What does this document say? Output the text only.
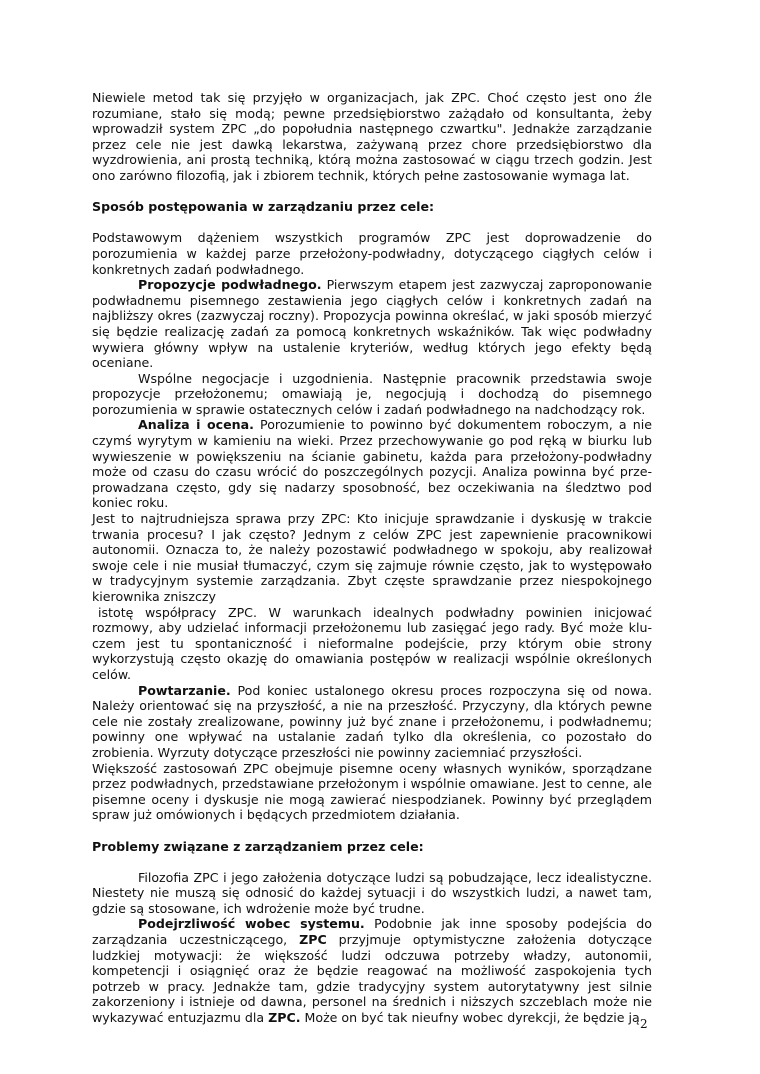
Niewiele metod tak się przyjęło w organizacjach, jak ZPC. Choć często jest ono źle rozumiane, stało się modą; pewne przedsiębiorstwo zażądało od konsultanta, żeby wprowadził system ZPC „do popołudnia następnego czwartku". Jednakże zarządzanie przez cele nie jest dawką lekarstwa, zażywaną przez chore przedsiębiorstwo dla wyzdrowienia, ani prostą techniką, którą można zastosować w ciągu trzech godzin. Jest ono zarówno filozofią, jak i zbiorem technik, których pełne zastosowanie wymaga lat.

Sposób postępowania w zarządzaniu przez cele:

Podstawowym dążeniem wszystkich programów ZPC jest doprowadzenie do porozumienia w każdej parze przełożony-podwładny, dotyczącego ciągłych celów i konkretnych zadań podwładnego.

Propozycje podwładnego. Pierwszym etapem jest zazwyczaj zaproponowanie podwładnemu pisemnego zestawienia jego ciągłych celów i konkretnych zadań na najbliższy okres (zazwyczaj roczny). Propozycja powinna określać, w jaki sposób mierzyć się będzie realizację zadań za pomocą konkretnych wskaźników. Tak więc podwładny wywiera główny wpływ na ustalenie kryteriów, według których jego efekty będą oceniane.

Wspólne negocjacje i uzgodnienia. Następnie pracownik przedstawia swoje propozycje przełożonemu; omawiają je, negocjują i dochodzą do pisemnego porozumienia w sprawie ostatecznych celów i zadań podwładnego na nadchodzący rok.

Analiza i ocena. Porozumienie to powinno być dokumentem roboczym, a nie czymś wyrytym w kamieniu na wieki. Przez przechowywanie go pod ręką w biurku lub wywieszenie w powiększeniu na ścianie gabinetu, każda para przełożony-podwładny może od czasu do czasu wrócić do poszczególnych pozycji. Analiza powinna być prze-prowadzana często, gdy się nadarzy sposobność, bez oczekiwania na śledztwo pod koniec roku.

Jest to najtrudniejsza sprawa przy ZPC: Kto inicjuje sprawdzanie i dyskusję w trakcie trwania procesu? I jak często? Jednym z celów ZPC jest zapewnienie pracownikowi autonomii. Oznacza to, że należy pozostawić podwładnego w spokoju, aby realizował swoje cele i nie musiał tłumaczyć, czym się zajmuje równie często, jak to występowało w tradycyjnym systemie zarządzania. Zbyt częste sprawdzanie przez niespokojnego kierownika zniszczy

istotę współpracy ZPC. W warunkach idealnych podwładny powinien inicjować rozmowy, aby udzielać informacji przełożonemu lub zasięgać jego rady. Być może klu-czem jest tu spontaniczność i nieformalne podejście, przy którym obie strony wykorzystują często okazję do omawiania postępów w realizacji wspólnie określonych celów.

Powtarzanie. Pod koniec ustalonego okresu proces rozpoczyna się od nowa. Należy orientować się na przyszłość, a nie na przeszłość. Przyczyny, dla których pewne cele nie zostały zrealizowane, powinny już być znane i przełożonemu, i podwładnemu; powinny one wpływać na ustalanie zadań tylko dla określenia, co pozostało do zrobienia. Wyrzuty dotyczące przeszłości nie powinny zaciemniać przyszłości.

Większość zastosowań ZPC obejmuje pisemne oceny własnych wyników, sporządzane przez podwładnych, przedstawiane przełożonym i wspólnie omawiane. Jest to cenne, ale pisemne oceny i dyskusje nie mogą zawierać niespodzianek. Powinny być przeglądem spraw już omówionych i będących przedmiotem działania.

Problemy związane z zarządzaniem przez cele:

Filozofia ZPC i jego założenia dotyczące ludzi są pobudzające, lecz idealistyczne. Niestety nie muszą się odnosić do każdej sytuacji i do wszystkich ludzi, a nawet tam, gdzie są stosowane, ich wdrożenie może być trudne.

Podejrzliwość wobec systemu. Podobnie jak inne sposoby podejścia do zarządzania uczestniczącego, ZPC przyjmuje optymistyczne założenia dotyczące ludzkiej motywacji: że większość ludzi odczuwa potrzeby władzy, autonomii, kompetencji i osiągnięć oraz że będzie reagować na możliwość zaspokojenia tych potrzeb w pracy. Jednakże tam, gdzie tradycyjny system autorytatywny jest silnie zakorzeniony i istnieje od dawna, personel na średnich i niższych szczeblach może nie wykazywać entuzjazmu dla ZPC. Może on być tak nieufny wobec dyrekcji, że będzie ją 2
